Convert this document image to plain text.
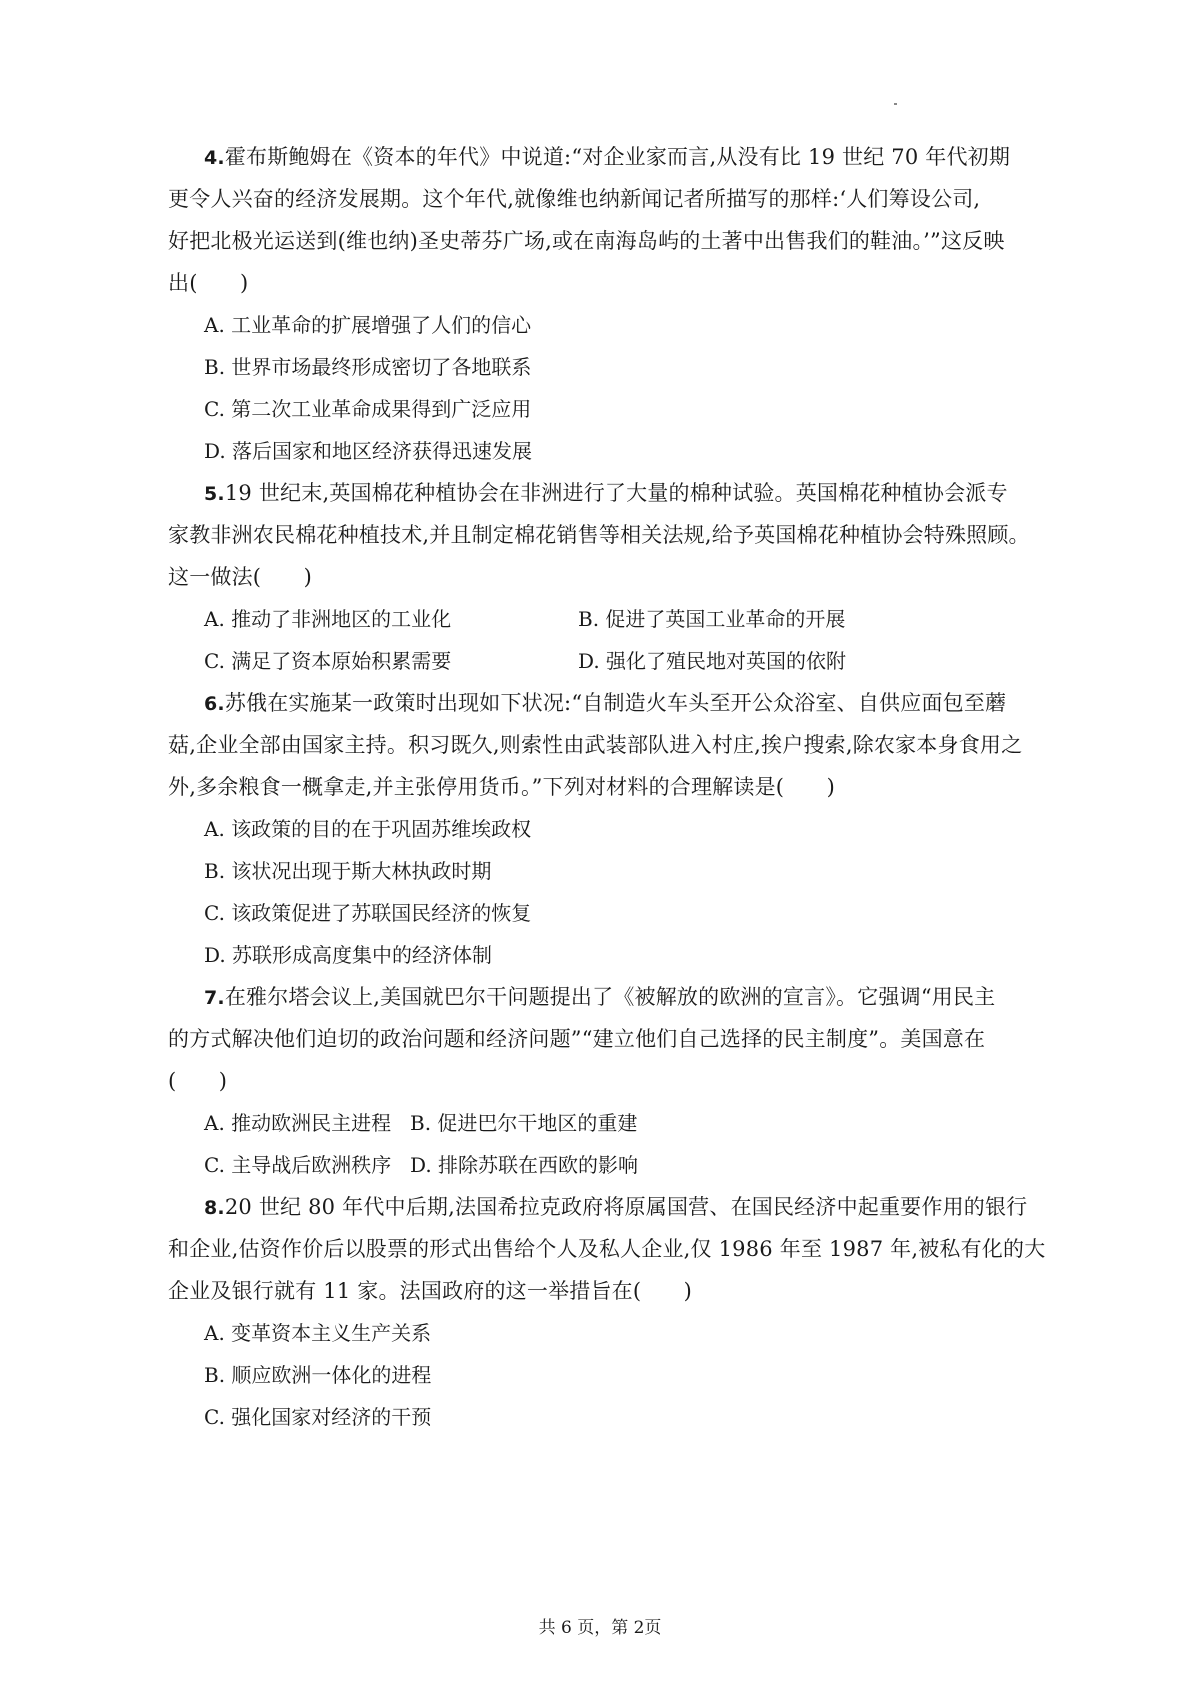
4.霍布斯鲍姆在《资本的年代》中说道:“对企业家而言,从没有比 19 世纪 70 年代初期
更令人兴奋的经济发展期。这个年代,就像维也纳新闻记者所描写的那样:‘人们筹设公司,
好把北极光运送到(维也纳)圣史蒂芬广场,或在南海岛屿的土著中出售我们的鞋油。’”这反映
出(　　)
A. 工业革命的扩展增强了人们的信心
B. 世界市场最终形成密切了各地联系
C. 第二次工业革命成果得到广泛应用
D. 落后国家和地区经济获得迅速发展
5.19 世纪末,英国棉花种植协会在非洲进行了大量的棉种试验。英国棉花种植协会派专
家教非洲农民棉花种植技术,并且制定棉花销售等相关法规,给予英国棉花种植协会特殊照顾。
这一做法(　　)
A. 推动了非洲地区的工业化	B. 促进了英国工业革命的开展
C. 满足了资本原始积累需要	D. 强化了殖民地对英国的依附
6.苏俄在实施某一政策时出现如下状况:“自制造火车头至开公众浴室、自供应面包至蘑
菇,企业全部由国家主持。积习既久,则索性由武装部队进入村庄,挨户搜索,除农家本身食用之
外,多余粮食一概拿走,并主张停用货币。”下列对材料的合理解读是(　　)
A. 该政策的目的在于巩固苏维埃政权
B. 该状况出现于斯大林执政时期
C. 该政策促进了苏联国民经济的恢复
D. 苏联形成高度集中的经济体制
7.在雅尔塔会议上,美国就巴尔干问题提出了《被解放的欧洲的宣言》。它强调“用民主
的方式解决他们迫切的政治问题和经济问题”“建立他们自己选择的民主制度”。美国意在
(　　)
A. 推动欧洲民主进程 B. 促进巴尔干地区的重建
C. 主导战后欧洲秩序 D. 排除苏联在西欧的影响
8.20 世纪 80 年代中后期,法国希拉克政府将原属国营、在国民经济中起重要作用的银行
和企业,估资作价后以股票的形式出售给个人及私人企业,仅 1986 年至 1987 年,被私有化的大
企业及银行就有 11 家。法国政府的这一举措旨在(　　)
A. 变革资本主义生产关系
B. 顺应欧洲一体化的进程
C. 强化国家对经济的干预
共 6 页，第 2页
